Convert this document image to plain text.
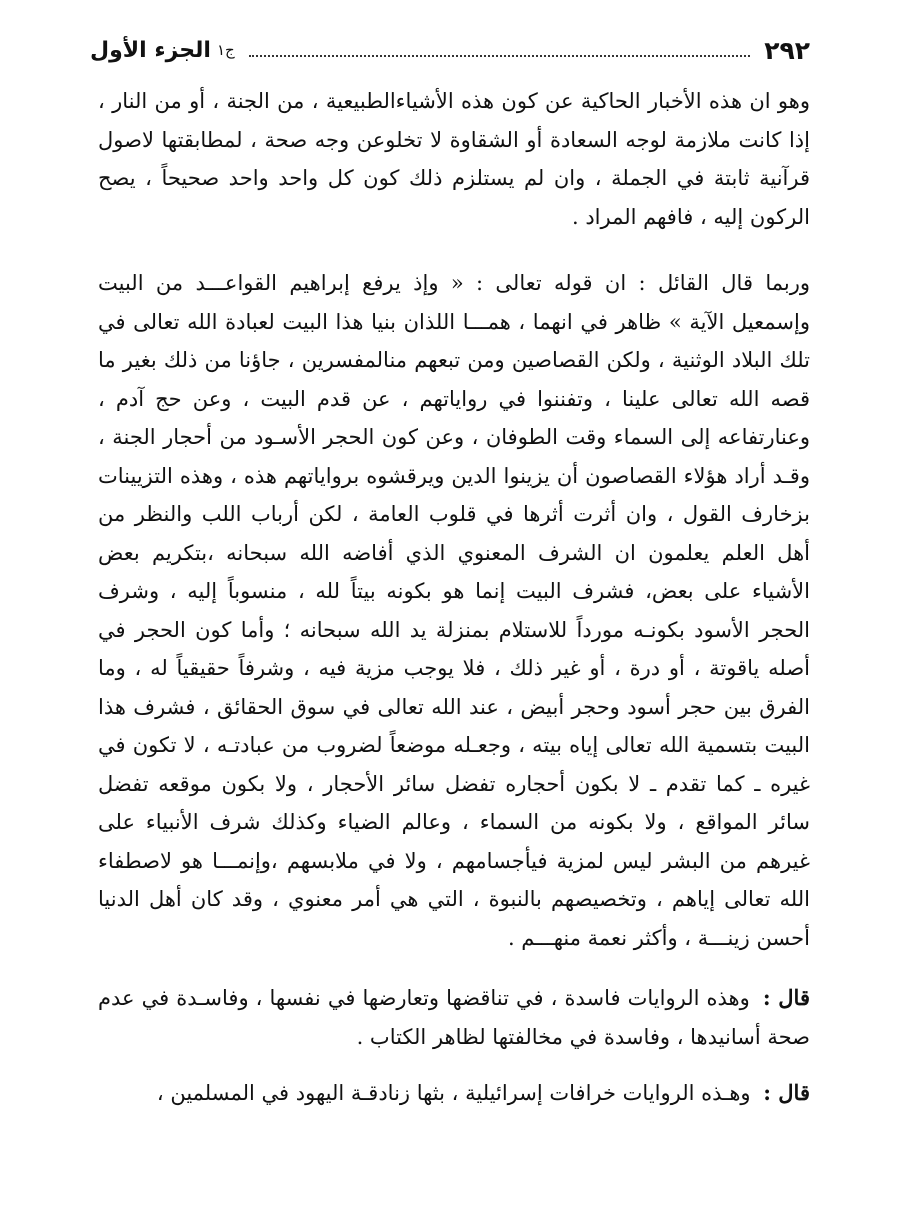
٢٩٢
ج١
الجزء الأول

وهو ان هذه الأخبار الحاكية عن كون هذه الأشياءالطبيعية ، من الجنة ، أو من النار ، إذا كانت ملازمة لوجه السعادة أو الشقاوة لا تخلوعن وجه صحة ، لمطابقتها لاصول قرآنية ثابتة في الجملة ، وان لم يستلزم ذلك كون كل واحد واحد صحيحاً ، يصح الركون إليه ، فافهم المراد .

وربما قال القائل : ان قوله تعالى : « وإذ يرفع إبراهيم القواعـــد من البيت وإسمعيل الآية » ظاهر في انهما ، همـــا اللذان بنيا هذا البيت لعبادة الله تعالى في تلك البلاد الوثنية ، ولكن القصاصين ومن تبعهم منالمفسرين ، جاؤنا من ذلك بغير ما قصه الله تعالى علينا ، وتفننوا في رواياتهم ، عن قدم البيت ، وعن حج آدم ، وعنارتفاعه إلى السماء وقت الطوفان ، وعن كون الحجر الأسـود من أحجار الجنة ، وقـد أراد هؤلاء القصاصون أن يزينوا الدين ويرقشوه برواياتهم هذه ، وهذه التزيينات بزخارف القول ، وان أثرت أثرها في قلوب العامة ، لكن أرباب اللب والنظر من أهل العلم يعلمون ان الشرف المعنوي الذي أفاضه الله سبحانه ،بتكريم بعض الأشياء على بعض، فشرف البيت إنما هو بكونه بيتاً لله ، منسوباً إليه ، وشرف الحجر الأسود بكونـه مورداً للاستلام بمنزلة يد الله سبحانه ؛ وأما كون الحجر في أصله ياقوتة ، أو درة ، أو غير ذلك ، فلا يوجب مزية فيه ، وشرفاً حقيقياً له ، وما الفرق بين حجر أسود وحجر أبيض ، عند الله تعالى في سوق الحقائق ، فشرف هذا البيت بتسمية الله تعالى إياه بيته ، وجعـله موضعاً لضروب من عبادتـه ، لا تكون في غيره ـ كما تقدم ـ لا بكون أحجاره تفضل سائر الأحجار ، ولا بكون موقعه تفضل سائر المواقع ، ولا بكونه من السماء ، وعالم الضياء وكذلك شرف الأنبياء على غيرهم من البشر ليس لمزية فيأجسامهم ، ولا في ملابسهم ،وإنمـــا هو لاصطفاء الله تعالى إياهم ، وتخصيصهم بالنبوة ، التي هي أمر معنوي ، وقد كان أهل الدنيا أحسن زينـــة ، وأكثر نعمة منهـــم .

قال : وهذه الروايات فاسدة ، في تناقضها وتعارضها في نفسها ، وفاسـدة في عدم صحة أسانيدها ، وفاسدة في مخالفتها لظاهر الكتاب .

قال : وهـذه الروايات خرافات إسرائيلية ، بثها زنادقـة اليهود في المسلمين ،
